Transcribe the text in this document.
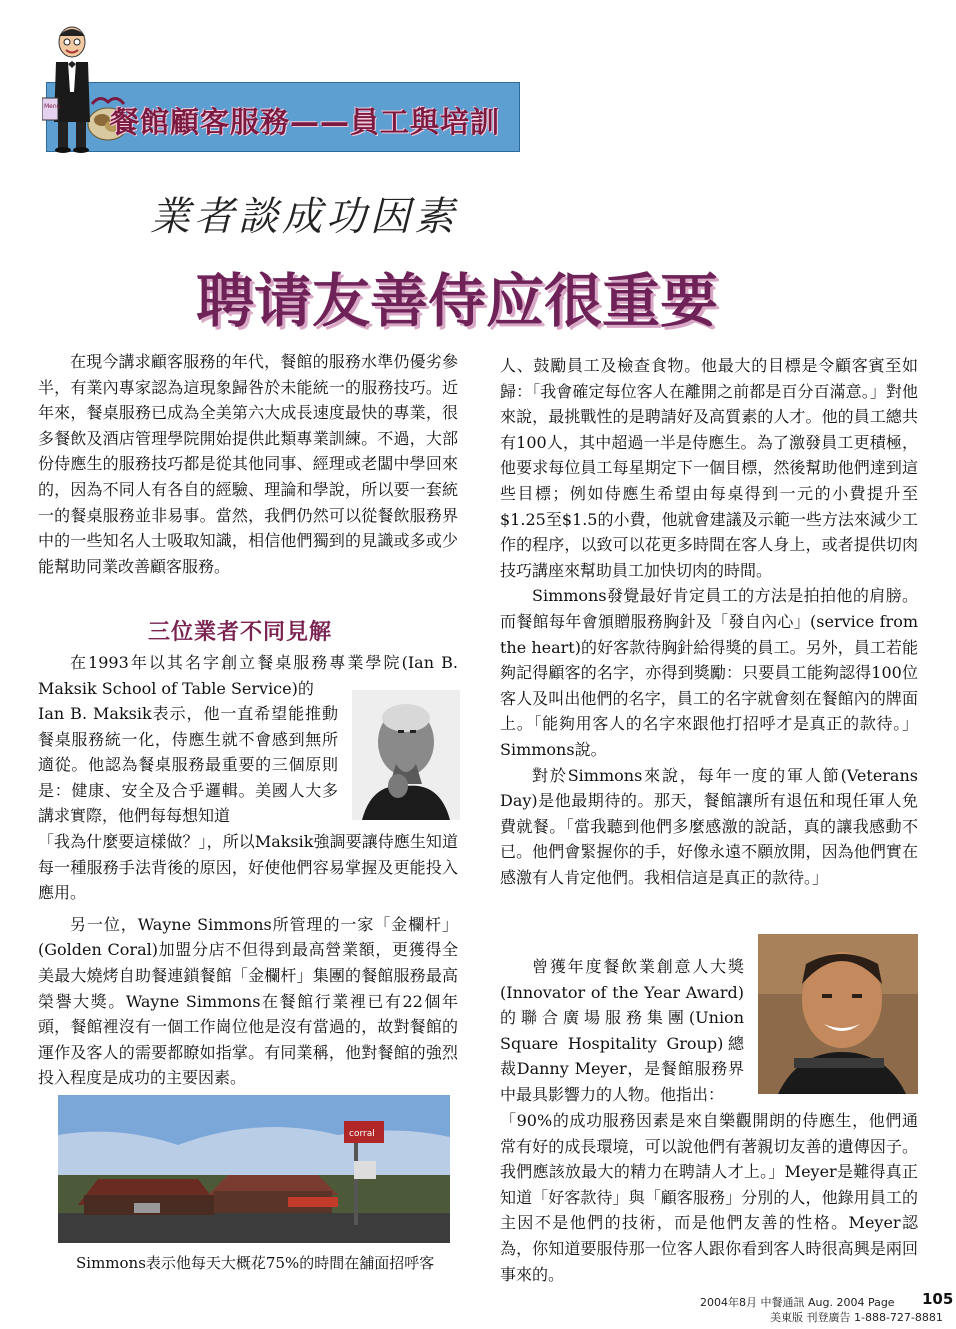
Menu 餐館顧客服務——員工與培訓
業者談成功因素
聘请友善侍应很重要

在現今講求顧客服務的年代，餐館的服務水準仍優劣參半，有業內專家認為這現象歸咎於未能統一的服務技巧。近年來，餐桌服務已成為全美第六大成長速度最快的專業，很多餐飲及酒店管理學院開始提供此類專業訓練。不過，大部份侍應生的服務技巧都是從其他同事、經理或老闆中學回來的，因為不同人有各自的經驗、理論和學說，所以要一套統一的餐桌服務並非易事。當然，我們仍然可以從餐飲服務界中的一些知名人士吸取知識，相信他們獨到的見識或多或少能幫助同業改善顧客服務。

三位業者不同見解

在1993年以其名字創立餐桌服務專業學院(Ian B. Maksik School of Table Service)的

Ian B. Maksik表示，他一直希望能推動餐桌服務統一化，侍應生就不會感到無所適從。他認為餐桌服務最重要的三個原則是：健康、安全及合乎邏輯。美國人大多講求實際，他們每每想知道

「我為什麼要這樣做？」，所以Maksik強調要讓侍應生知道每一種服務手法背後的原因，好使他們容易掌握及更能投入應用。

另一位，Wayne Simmons所管理的一家「金欄杆」(Golden Coral)加盟分店不但得到最高營業額，更獲得全美最大燒烤自助餐連鎖餐館「金欄杆」集團的餐館服務最高榮譽大獎。Wayne Simmons在餐館行業裡已有22個年頭，餐館裡沒有一個工作崗位他是沒有當過的，故對餐館的運作及客人的需要都瞭如指掌。有同業稱，他對餐館的強烈投入程度是成功的主要因素。

corral
Simmons表示他每天大概花75%的時間在舖面招呼客

人、鼓勵員工及檢查食物。他最大的目標是令顧客賓至如歸：「我會確定每位客人在離開之前都是百分百滿意。」對他來說，最挑戰性的是聘請好及高質素的人才。他的員工總共有100人，其中超過一半是侍應生。為了激發員工更積極，他要求每位員工每星期定下一個目標，然後幫助他們達到這些目標；例如侍應生希望由每桌得到一元的小費提升至$1.25至$1.5的小費，他就會建議及示範一些方法來減少工作的程序，以致可以花更多時間在客人身上，或者提供切肉技巧講座來幫助員工加快切肉的時間。

Simmons發覺最好肯定員工的方法是拍拍他的肩膀。而餐館每年會頒贈服務胸針及「發自內心」(service from the heart)的好客款待胸針給得獎的員工。另外，員工若能夠記得顧客的名字，亦得到獎勵：只要員工能夠認得100位客人及叫出他們的名字，員工的名字就會刻在餐館內的牌面上。「能夠用客人的名字來跟他打招呼才是真正的款待。」Simmons說。

對於Simmons來說，每年一度的軍人節(Veterans Day)是他最期待的。那天，餐館讓所有退伍和現任軍人免費就餐。「當我聽到他們多麼感激的說話，真的讓我感動不已。他們會緊握你的手，好像永遠不願放開，因為他們實在感激有人肯定他們。我相信這是真正的款待。」

曾獲年度餐飲業創意人大獎(Innovator of the Year Award)的聯合廣場服務集團(Union Square Hospitality Group)總裁Danny Meyer，是餐館服務界中最具影響力的人物。他指出：

「90%的成功服務因素是來自樂觀開朗的侍應生，他們通常有好的成長環境，可以說他們有著親切友善的遺傳因子。我們應該放最大的精力在聘請人才上。」Meyer是難得真正知道「好客款待」與「顧客服務」分別的人，他錄用員工的主因不是他們的技術，而是他們友善的性格。Meyer認為，你知道要服侍那一位客人跟你看到客人時很高興是兩回事來的。

2004年8月 中餐通訊 Aug. 2004 Page 105
美東版 刊登廣告 1-888-727-8881
